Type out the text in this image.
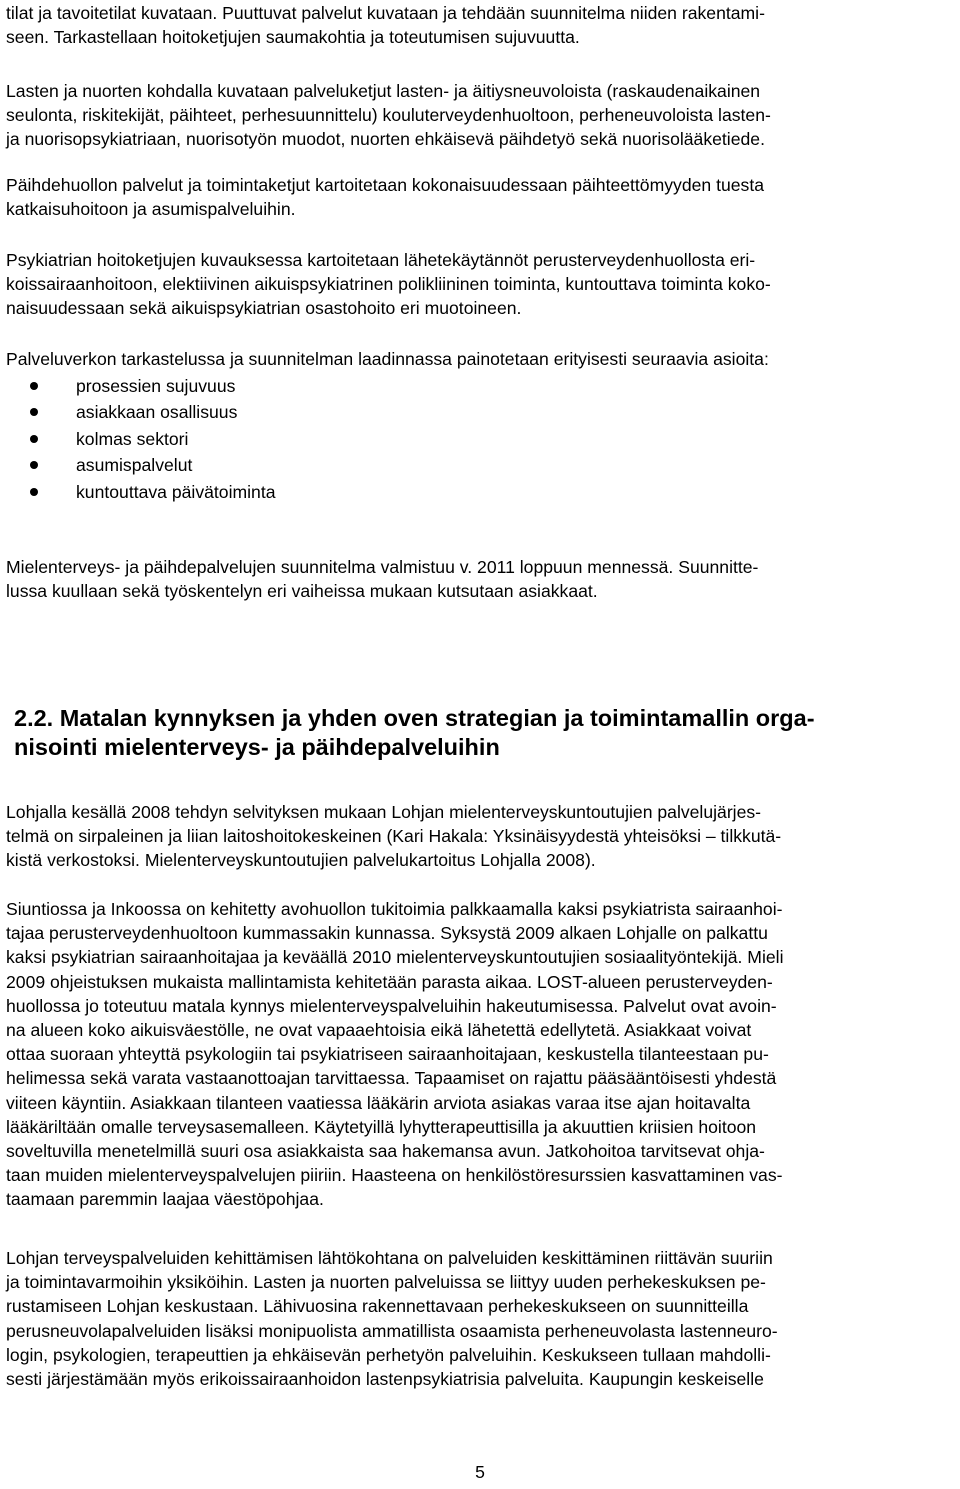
tilat ja tavoitetilat kuvataan. Puuttuvat palvelut kuvataan ja tehdään suunnitelma niiden rakentami-
seen. Tarkastellaan hoitoketjujen saumakohtia ja toteutumisen sujuvuutta.
Lasten ja nuorten kohdalla kuvataan palveluketjut lasten- ja äitiysneuvoloista (raskaudenaikainen
seulonta, riskitekijät, päihteet, perhesuunnittelu) kouluterveydenhuoltoon, perheneuvoloista lasten-
ja nuorisopsykiatriaan, nuorisotyön muodot, nuorten ehkäisevä päihdetyö sekä nuorisolääketiede.
Päihdehuollon palvelut ja toimintaketjut kartoitetaan kokonaisuudessaan päihteettömyyden tuesta
katkaisuhoitoon ja asumispalveluihin.
Psykiatrian hoitoketjujen kuvauksessa kartoitetaan lähetekäytännöt perusterveydenhuollosta eri-
koissairaanhoitoon, elektiivinen aikuispsykiatrinen polikliininen toiminta, kuntouttava toiminta koko-
naisuudessaan sekä aikuispsykiatrian osastohoito eri muotoineen.
Palveluverkon tarkastelussa ja suunnitelman laadinnassa painotetaan erityisesti seuraavia asioita:
prosessien sujuvuus
asiakkaan osallisuus
kolmas sektori
asumispalvelut
kuntouttava päivätoiminta
Mielenterveys- ja päihdepalvelujen suunnitelma valmistuu v. 2011 loppuun mennessä. Suunnitte-
lussa kuullaan sekä työskentelyn eri vaiheissa mukaan kutsutaan asiakkaat.
2.2. Matalan kynnyksen ja yhden oven strategian ja toimintamallin orga-
nisointi mielenterveys- ja päihdepalveluihin
Lohjalla kesällä 2008 tehdyn selvityksen mukaan Lohjan mielenterveyskuntoutujien palvelujärjes-
telmä on sirpaleinen ja liian laitoshoitokeskeinen (Kari Hakala: Yksinäisyydestä yhteisöksi – tilkkutä-
kistä verkostoksi. Mielenterveyskuntoutujien palvelukartoitus Lohjalla 2008).
Siuntiossa ja Inkoossa on kehitetty avohuollon tukitoimia palkkaamalla kaksi psykiatrista sairaanhoi-
tajaa perusterveydenhuoltoon kummassakin kunnassa. Syksystä 2009 alkaen Lohjalle on palkattu
kaksi psykiatrian sairaanhoitajaa ja keväällä 2010 mielenterveyskuntoutujien sosiaalityöntekijä. Mieli
2009 ohjeistuksen mukaista mallintamista kehitetään parasta aikaa. LOST-alueen perusterveyden-
huollossa jo toteutuu matala kynnys mielenterveyspalveluihin hakeutumisessa. Palvelut ovat avoin-
na alueen koko aikuisväestölle, ne ovat vapaaehtoisia eikä lähetettä edellytetä. Asiakkaat voivat
ottaa suoraan yhteyttä psykologiin tai psykiatriseen sairaanhoitajaan, keskustella tilanteestaan pu-
helimessa sekä varata vastaanottoajan tarvittaessa. Tapaamiset on rajattu pääsääntöisesti yhdestä
viiteen käyntiin. Asiakkaan tilanteen vaatiessa lääkärin arviota asiakas varaa itse ajan hoitavalta
lääkäriltään omalle terveysasemalleen. Käytetyillä lyhytterapeuttisilla ja akuuttien kriisien hoitoon
soveltuvilla menetelmillä suuri osa asiakkaista saa hakemansa avun. Jatkohoitoa tarvitsevat ohja-
taan muiden mielenterveyspalvelujen piiriin. Haasteena on henkilöstöresurssien kasvattaminen vas-
taamaan paremmin laajaa väestöpohjaa.
Lohjan terveyspalveluiden kehittämisen lähtökohtana on palveluiden keskittäminen riittävän suuriin
ja toimintavarmoihin yksiköihin. Lasten ja nuorten palveluissa se liittyy uuden perhekeskuksen pe-
rustamiseen Lohjan keskustaan. Lähivuosina rakennettavaan perhekeskukseen on suunnitteilla
perusneuvolapalveluiden lisäksi monipuolista ammatillista osaamista perheneuvolasta lastenneuro-
login, psykologien, terapeuttien ja ehkäisevän perhetyön palveluihin. Keskukseen tullaan mahdolli-
sesti järjestämään myös erikoissairaanhoidon lastenpsykiatrisia palveluita. Kaupungin keskeiselle
5
